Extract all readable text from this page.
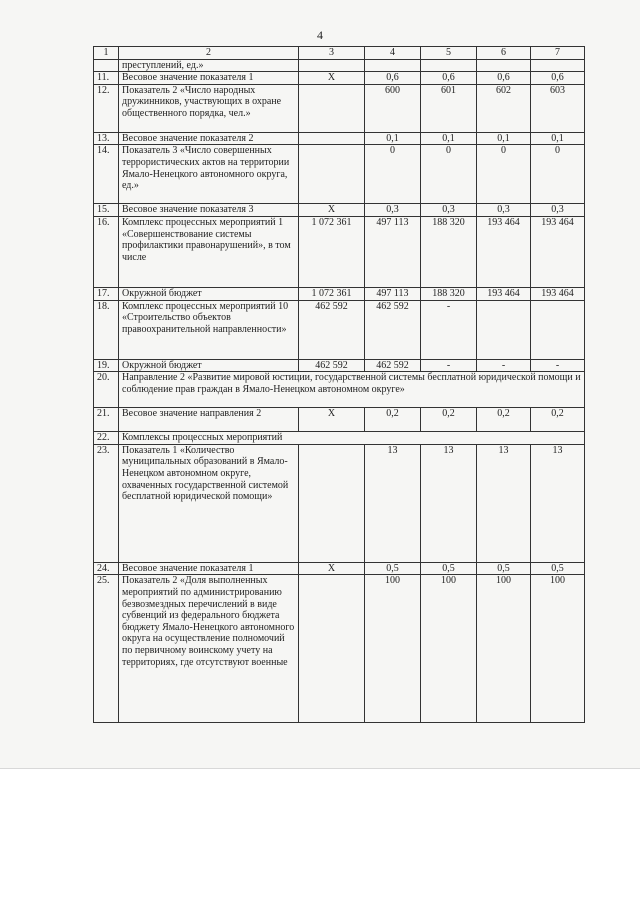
4
1	2	3	4	5	6	7
	преступлений, ед.»					
11.	Весовое значение показателя 1	X	0,6	0,6	0,6	0,6
12.	Показатель 2 «Число народных дружинников, участвующих в охране общественного порядка, чел.»		600	601	602	603
13.	Весовое значение показателя 2		0,1	0,1	0,1	0,1
14.	Показатель 3 «Число совершенных террористических актов на территории Ямало-Ненецкого автономного округа, ед.»		0	0	0	0
15.	Весовое значение показателя 3	X	0,3	0,3	0,3	0,3
16.	Комплекс процессных мероприятий 1 «Совершенствование системы профилактики правонарушений», в том числе	1 072 361	497 113	188 320	193 464	193 464
17.	Окружной бюджет	1 072 361	497 113	188 320	193 464	193 464
18.	Комплекс процессных мероприятий 10 «Строительство объектов правоохранительной направленности»	462 592	462 592	-		
19.	Окружной бюджет	462 592	462 592	-	-	-
20.	Направление 2 «Развитие мировой юстиции, государственной системы бесплатной юридической помощи и соблюдение прав граждан в Ямало-Ненецком автономном округе»					
21.	Весовое значение направления 2	X	0,2	0,2	0,2	0,2
22.	Комплексы процессных мероприятий					
23.	Показатель 1 «Количество муниципальных образований в Ямало-Ненецком автономном округе, охваченных государственной системой бесплатной юридической помощи»		13	13	13	13
24.	Весовое значение показателя 1	X	0,5	0,5	0,5	0,5
25.	Показатель 2 «Доля выполненных мероприятий по администрированию безвозмездных перечислений в виде субвенций из федерального бюджета бюджету Ямало-Ненецкого автономного округа на осуществление полномочий по первичному воинскому учету на территориях, где отсутствуют военные		100	100	100	100
